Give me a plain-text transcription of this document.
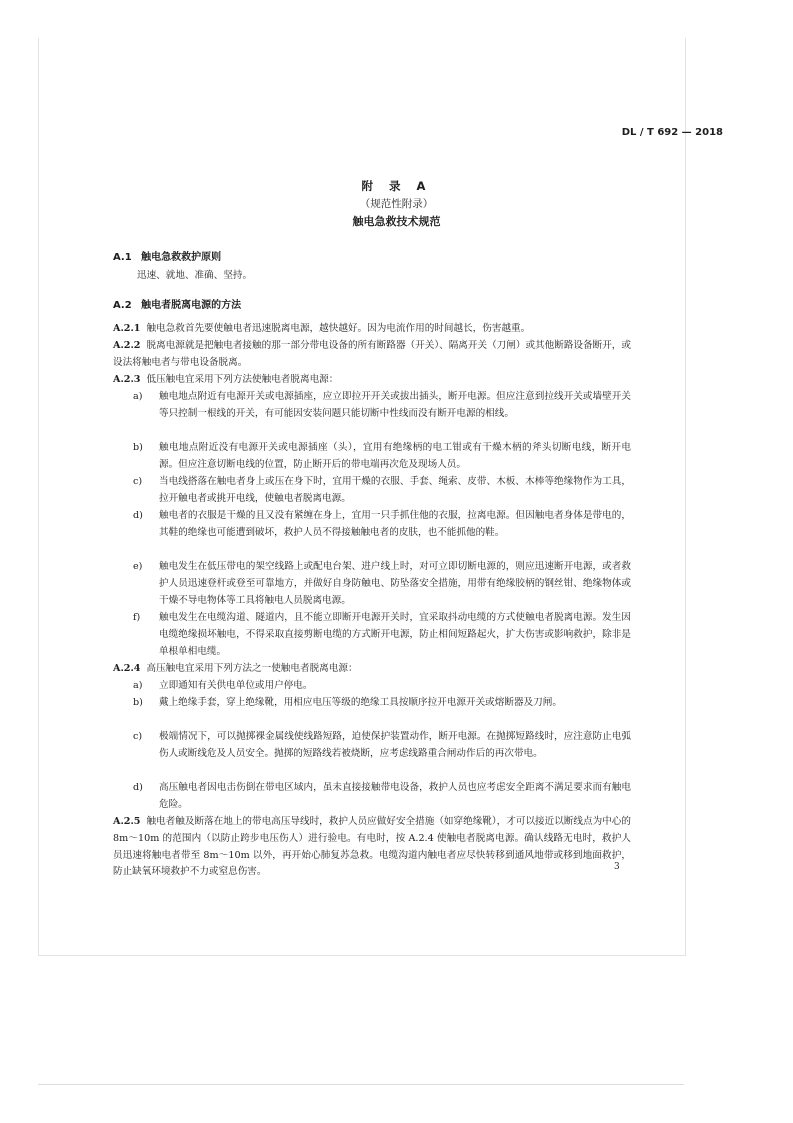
DL / T 692 — 2018
附 录 A
（规范性附录）
触电急救技术规范
A.1 触电急救救护原则
迅速、就地、准确、坚持。
A.2 触电者脱离电源的方法
A.2.1 触电急救首先要使触电者迅速脱离电源，越快越好。因为电流作用的时间越长，伤害越重。
A.2.2 脱离电源就是把触电者接触的那一部分带电设备的所有断路器（开关）、隔离开关（刀闸）或其他断路设备断开，或设法将触电者与带电设备脱离。
A.2.3 低压触电宜采用下列方法使触电者脱离电源：
a) 触电地点附近有电源开关或电源插座，应立即拉开开关或拔出插头，断开电源。但应注意到拉线开关或墙壁开关等只控制一根线的开关，有可能因安装问题只能切断中性线而没有断开电源的相线。
b) 触电地点附近没有电源开关或电源插座（头），宜用有绝缘柄的电工钳或有干燥木柄的斧头切断电线，断开电源。但应注意切断电线的位置，防止断开后的带电端再次危及现场人员。
c) 当电线搭落在触电者身上或压在身下时，宜用干燥的衣服、手套、绳索、皮带、木板、木棒等绝缘物作为工具，拉开触电者或挑开电线，使触电者脱离电源。
d) 触电者的衣服是干燥的且又没有紧缠在身上，宜用一只手抓住他的衣服，拉离电源。但因触电者身体是带电的，其鞋的绝缘也可能遭到破坏，救护人员不得接触触电者的皮肤，也不能抓他的鞋。
e) 触电发生在低压带电的架空线路上或配电台架、进户线上时，对可立即切断电源的，则应迅速断开电源，或者救护人员迅速登杆或登至可靠地方，并做好自身防触电、防坠落安全措施，用带有绝缘胶柄的钢丝钳、绝缘物体或干燥不导电物体等工具将触电人员脱离电源。
f) 触电发生在电缆沟道、隧道内，且不能立即断开电源开关时，宜采取抖动电缆的方式使触电者脱离电源。发生因电缆绝缘损坏触电，不得采取直接剪断电缆的方式断开电源，防止相间短路起火，扩大伤害或影响救护，除非是单根单相电缆。
A.2.4 高压触电宜采用下列方法之一使触电者脱离电源：
a) 立即通知有关供电单位或用户停电。
b) 戴上绝缘手套，穿上绝缘靴，用相应电压等级的绝缘工具按顺序拉开电源开关或熔断器及刀闸。
c) 极端情况下，可以抛掷裸金属线使线路短路，迫使保护装置动作，断开电源。在抛掷短路线时，应注意防止电弧伤人或断线危及人员安全。抛掷的短路线若被烧断，应考虑线路重合闸动作后的再次带电。
d) 高压触电者因电击伤倒在带电区域内，虽未直接接触带电设备，救护人员也应考虑安全距离不满足要求而有触电危险。
A.2.5 触电者触及断落在地上的带电高压导线时，救护人员应做好安全措施（如穿绝缘靴），才可以接近以断线点为中心的 8m～10m 的范围内（以防止跨步电压伤人）进行验电。有电时，按 A.2.4 使触电者脱离电源。确认线路无电时，救护人员迅速将触电者带至 8m～10m 以外，再开始心肺复苏急救。电缆沟道内触电者应尽快转移到通风地带或移到地面救护，防止缺氧环境救护不力或窒息伤害。	3
